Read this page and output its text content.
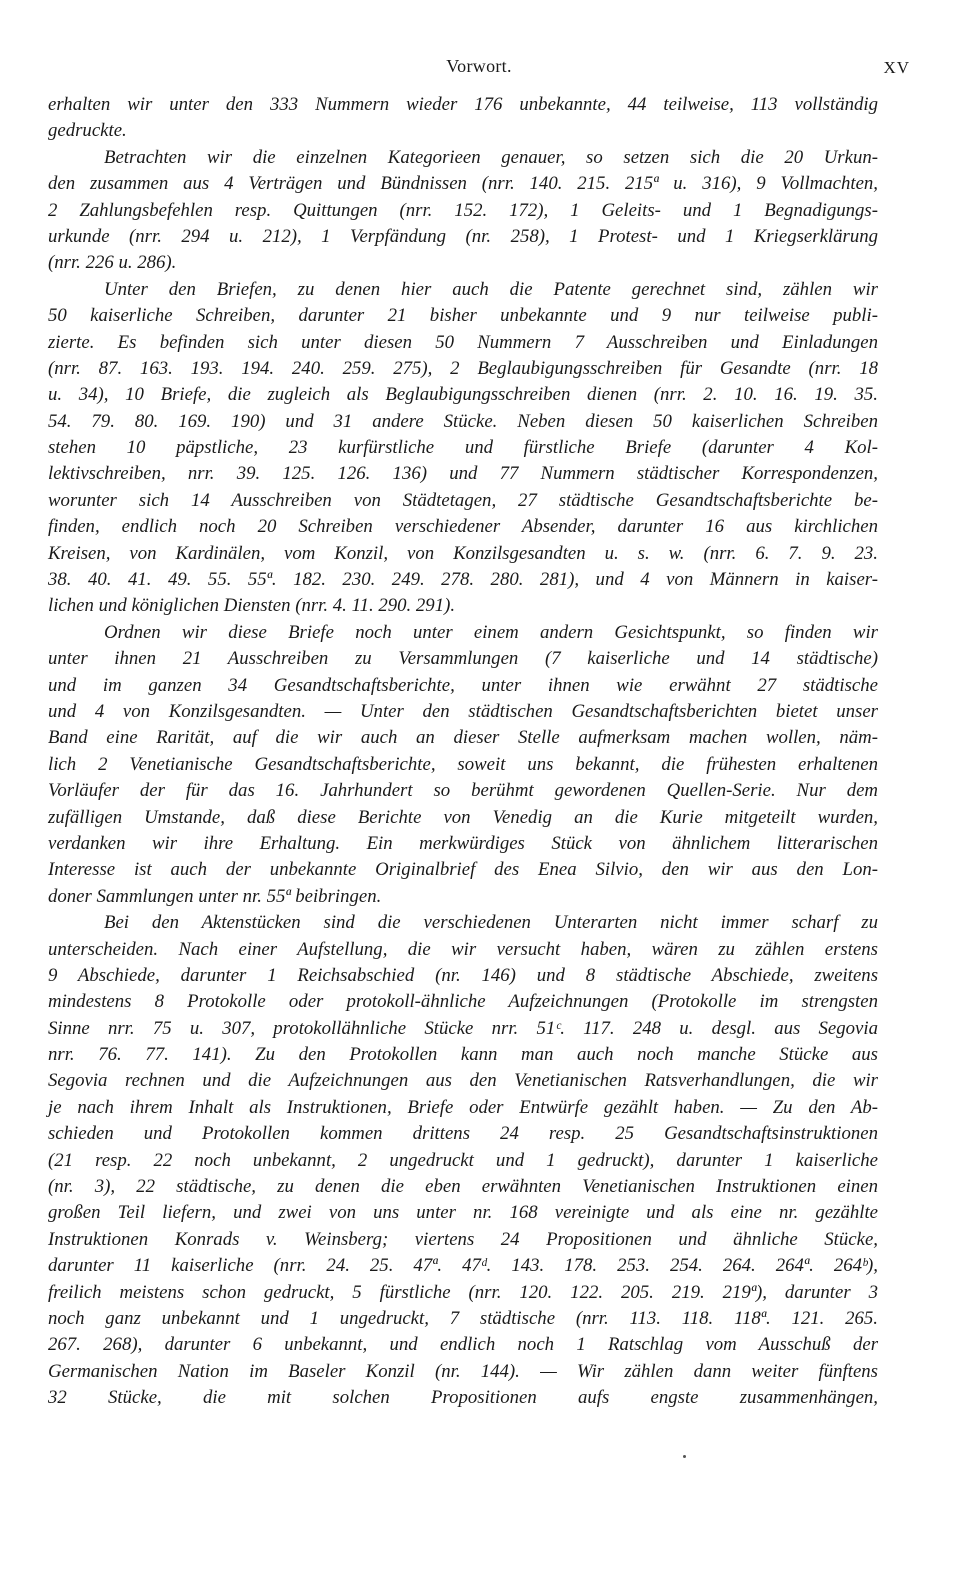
Vorwort.	XV
erhalten wir unter den 333 Nummern wieder 176 unbekannte, 44 teilweise, 113 vollständig
gedruckte.
Betrachten wir die einzelnen Kategorieen genauer, so setzen sich die 20 Urkun-
den zusammen aus 4 Verträgen und Bündnissen (nrr. 140. 215. 215ª u. 316), 9 Vollmachten,
2 Zahlungsbefehlen resp. Quittungen (nrr. 152. 172), 1 Geleits- und 1 Begnadigungs-
urkunde (nrr. 294 u. 212), 1 Verpfändung (nr. 258), 1 Protest- und 1 Kriegserklärung
(nrr. 226 u. 286).
Unter den Briefen, zu denen hier auch die Patente gerechnet sind, zählen wir
50 kaiserliche Schreiben, darunter 21 bisher unbekannte und 9 nur teilweise publi-
zierte. Es befinden sich unter diesen 50 Nummern 7 Ausschreiben und Einladungen
(nrr. 87. 163. 193. 194. 240. 259. 275), 2 Beglaubigungsschreiben für Gesandte (nrr. 18
u. 34), 10 Briefe, die zugleich als Beglaubigungsschreiben dienen (nrr. 2. 10. 16. 19. 35.
54. 79. 80. 169. 190) und 31 andere Stücke. Neben diesen 50 kaiserlichen Schreiben
stehen 10 päpstliche, 23 kurfürstliche und fürstliche Briefe (darunter 4 Kol-
lektivschreiben, nrr. 39. 125. 126. 136) und 77 Nummern städtischer Korrespondenzen,
worunter sich 14 Ausschreiben von Städtetagen, 27 städtische Gesandtschaftsberichte be-
finden, endlich noch 20 Schreiben verschiedener Absender, darunter 16 aus kirchlichen
Kreisen, von Kardinälen, vom Konzil, von Konzilsgesandten u. s. w. (nrr. 6. 7. 9. 23.
38. 40. 41. 49. 55. 55ª. 182. 230. 249. 278. 280. 281), und 4 von Männern in kaiser-
lichen und königlichen Diensten (nrr. 4. 11. 290. 291).
Ordnen wir diese Briefe noch unter einem andern Gesichtspunkt, so finden wir
unter ihnen 21 Ausschreiben zu Versammlungen (7 kaiserliche und 14 städtische)
und im ganzen 34 Gesandtschaftsberichte, unter ihnen wie erwähnt 27 städtische
und 4 von Konzilsgesandten. — Unter den städtischen Gesandtschaftsberichten bietet unser
Band eine Rarität, auf die wir auch an dieser Stelle aufmerksam machen wollen, näm-
lich 2 Venetianische Gesandtschaftsberichte, soweit uns bekannt, die frühesten erhaltenen
Vorläufer der für das 16. Jahrhundert so berühmt gewordenen Quellen-Serie. Nur dem
zufälligen Umstande, daß diese Berichte von Venedig an die Kurie mitgeteilt wurden,
verdanken wir ihre Erhaltung. Ein merkwürdiges Stück von ähnlichem litterarischen
Interesse ist auch der unbekannte Originalbrief des Enea Silvio, den wir aus den Lon-
doner Sammlungen unter nr. 55ª beibringen.
Bei den Aktenstücken sind die verschiedenen Unterarten nicht immer scharf zu
unterscheiden. Nach einer Aufstellung, die wir versucht haben, wären zu zählen erstens
9 Abschiede, darunter 1 Reichsabschied (nr. 146) und 8 städtische Abschiede, zweitens
mindestens 8 Protokolle oder protokoll-ähnliche Aufzeichnungen (Protokolle im strengsten
Sinne nrr. 75 u. 307, protokollähnliche Stücke nrr. 51ᶜ. 117. 248 u. desgl. aus Segovia
nrr. 76. 77. 141). Zu den Protokollen kann man auch noch manche Stücke aus
Segovia rechnen und die Aufzeichnungen aus den Venetianischen Ratsverhandlungen, die wir
je nach ihrem Inhalt als Instruktionen, Briefe oder Entwürfe gezählt haben. — Zu den Ab-
schieden und Protokollen kommen drittens 24 resp. 25 Gesandtschaftsinstruktionen
(21 resp. 22 noch unbekannt, 2 ungedruckt und 1 gedruckt), darunter 1 kaiserliche
(nr. 3), 22 städtische, zu denen die eben erwähnten Venetianischen Instruktionen einen
großen Teil liefern, und zwei von uns unter nr. 168 vereinigte und als eine nr. gezählte
Instruktionen Konrads v. Weinsberg; viertens 24 Propositionen und ähnliche Stücke,
darunter 11 kaiserliche (nrr. 24. 25. 47ª. 47ᵈ. 143. 178. 253. 254. 264. 264ª. 264ᵇ),
freilich meistens schon gedruckt, 5 fürstliche (nrr. 120. 122. 205. 219. 219ª), darunter 3
noch ganz unbekannt und 1 ungedruckt, 7 städtische (nrr. 113. 118. 118ª. 121. 265.
267. 268), darunter 6 unbekannt, und endlich noch 1 Ratschlag vom Ausschuß der
Germanischen Nation im Baseler Konzil (nr. 144). — Wir zählen dann weiter fünftens
32 Stücke, die mit solchen Propositionen aufs engste zusammenhängen,
